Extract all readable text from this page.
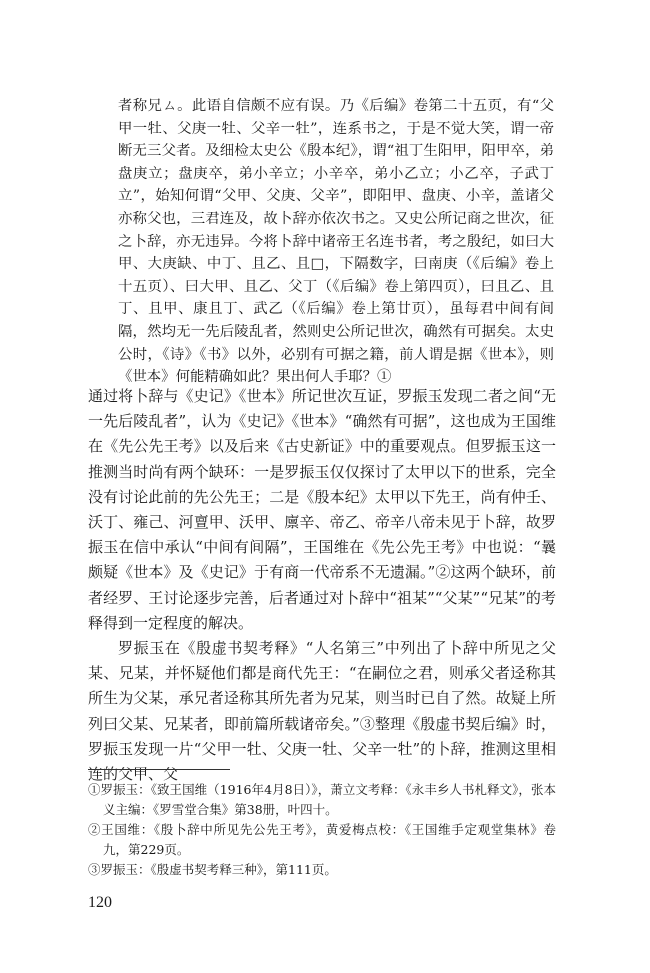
者称兄ㄙ。此语自信颇不应有误。乃《后编》卷第二十五页，有“父甲一牡、父庚一牡、父辛一牡”，连系书之，于是不觉大笑，谓一帝断无三父者。及细检太史公《殷本纪》，谓“祖丁生阳甲，阳甲卒，弟盘庚立；盘庚卒，弟小辛立；小辛卒，弟小乙立；小乙卒，子武丁立”，始知何谓“父甲、父庚、父辛”，即阳甲、盘庚、小辛，盖诸父亦称父也，三君连及，故卜辞亦依次书之。又史公所记商之世次，征之卜辞，亦无违异。今将卜辞中诸帝王名连书者，考之殷纪，如曰大甲、大庚缺、中丁、且乙、且□，下隔数字，曰南庚（《后编》卷上十五页）、曰大甲、且乙、父丁（《后编》卷上第四页），曰且乙、且丁、且甲、康且丁、武乙（《后编》卷上第廿页），虽每君中间有间隔，然均无一先后陵乱者，然则史公所记世次，确然有可据矣。太史公时，《诗》《书》以外，必别有可据之籍，前人谓是据《世本》，则《世本》何能精确如此？果出何人手耶？①

通过将卜辞与《史记》《世本》所记世次互证，罗振玉发现二者之间“无一先后陵乱者”，认为《史记》《世本》“确然有可据”，这也成为王国维在《先公先王考》以及后来《古史新证》中的重要观点。但罗振玉这一推测当时尚有两个缺环：一是罗振玉仅仅探讨了太甲以下的世系，完全没有讨论此前的先公先王；二是《殷本纪》太甲以下先王，尚有仲壬、沃丁、雍己、河亶甲、沃甲、廪辛、帝乙、帝辛八帝未见于卜辞，故罗振玉在信中承认“中间有间隔”，王国维在《先公先王考》中也说：“曩颇疑《世本》及《史记》于有商一代帝系不无遗漏。”②这两个缺环，前者经罗、王讨论逐步完善，后者通过对卜辞中“祖某”“父某”“兄某”的考释得到一定程度的解决。

罗振玉在《殷虚书契考释》“人名第三”中列出了卜辞中所见之父某、兄某，并怀疑他们都是商代先王：“在嗣位之君，则承父者迳称其所生为父某，承兄者迳称其所先者为兄某，则当时已自了然。故疑上所列曰父某、兄某者，即前篇所载诸帝矣。”③整理《殷虚书契后编》时，罗振玉发现一片“父甲一牡、父庚一牡、父辛一牡”的卜辞，推测这里相连的父甲、父

①罗振玉：《致王国维（1916年4月8日）》，萧立文考释：《永丰乡人书札释文》，张本义主编：《罗雪堂合集》第38册，叶四十。

②王国维：《殷卜辞中所见先公先王考》，黄爱梅点校：《王国维手定观堂集林》卷九，第229页。

③罗振玉：《殷虚书契考释三种》，第111页。

120
